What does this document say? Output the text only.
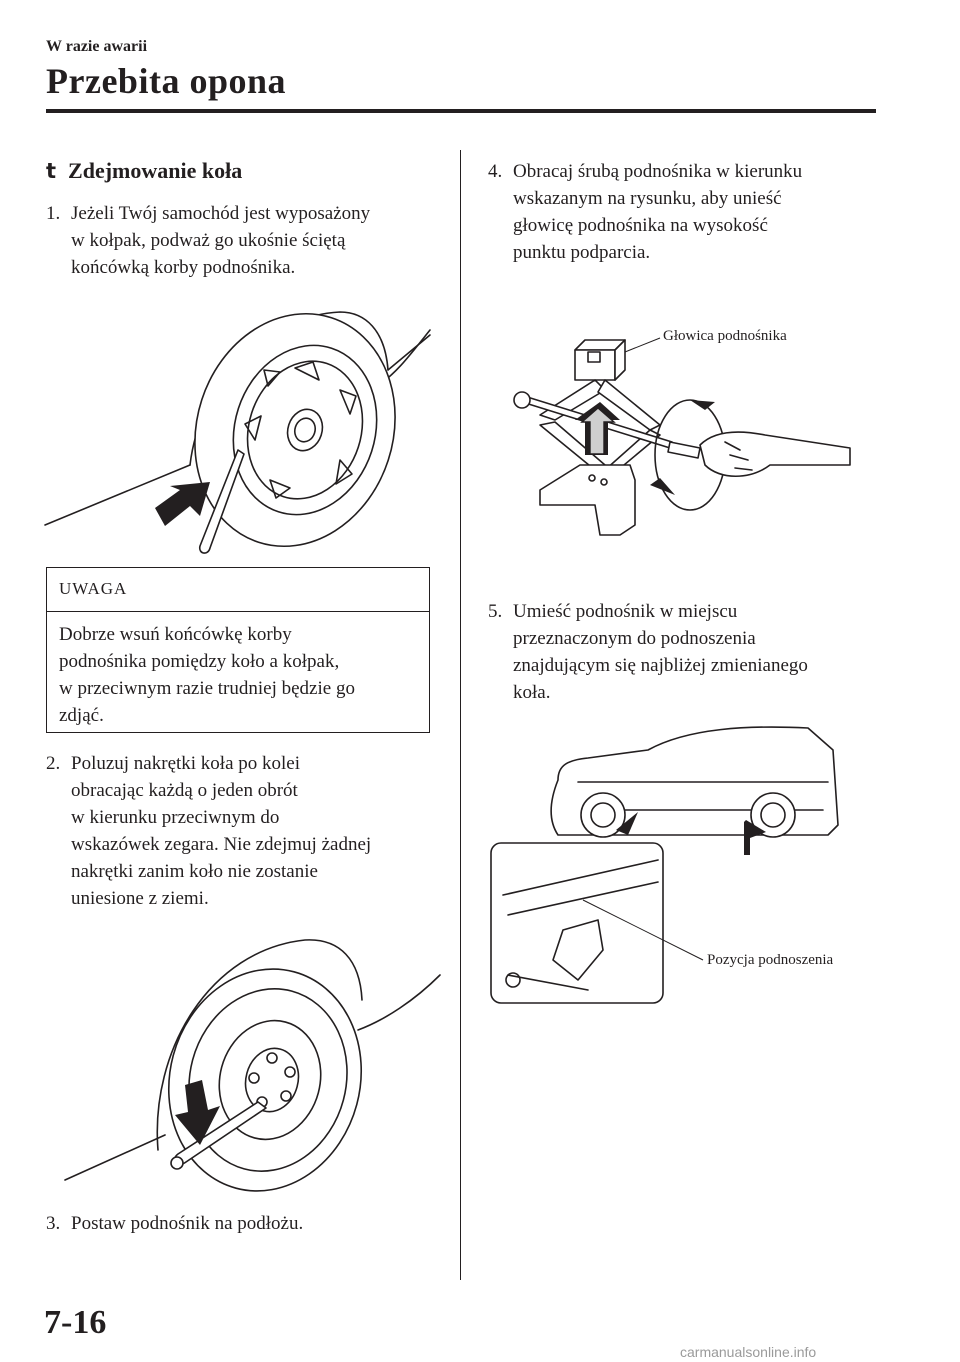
W razie awarii
Przebita opona
t Zdejmowanie koła
1. Jeżeli Twój samochód jest wyposażony
w kołpak, podważ go ukośnie ściętą
końcówką korby podnośnika.
UWAGA
Dobrze wsuń końcówkę korby
podnośnika pomiędzy koło a kołpak,
w przeciwnym razie trudniej będzie go
zdjąć.
2. Poluzuj nakrętki koła po kolei
obracając każdą o jeden obrót
w kierunku przeciwnym do
wskazówek zegara. Nie zdejmuj żadnej
nakrętki zanim koło nie zostanie
uniesione z ziemi.
3. Postaw podnośnik na podłożu.
4. Obracaj śrubą podnośnika w kierunku
wskazanym na rysunku, aby unieść
głowicę podnośnika na wysokość
punktu podparcia.
Głowica podnośnika
5. Umieść podnośnik w miejscu
przeznaczonym do podnoszenia
znajdującym się najbliżej zmienianego
koła.
Pozycja podnoszenia
7-16
carmanualsonline.info
